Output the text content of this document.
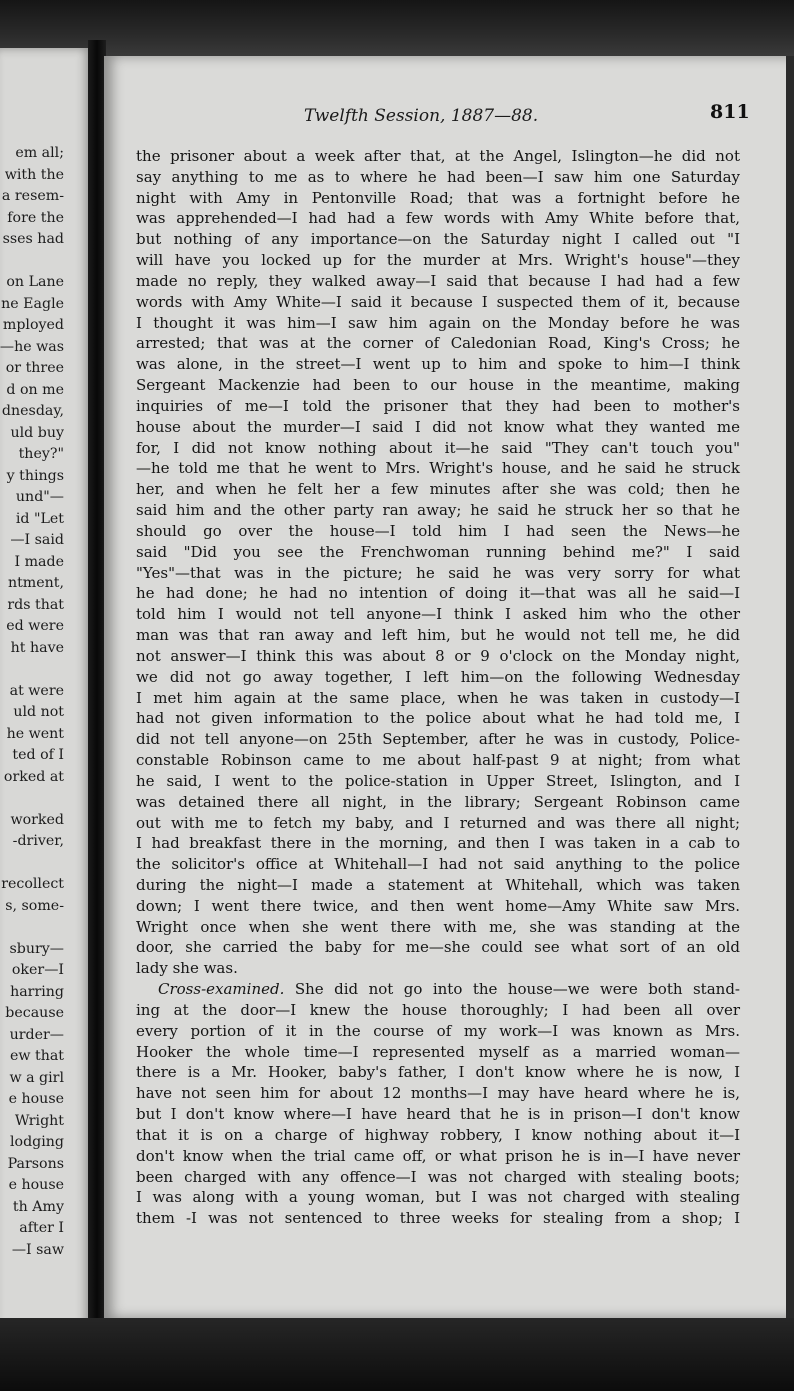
em all;
with the
a resem-
fore the
sses had
on Lane
ne Eagle
mployed
—he was
or three
d on me
dnesday,
uld buy
they?"
y things
und"—
id "Let
—I said
I made
ntment,
rds that
ed were
ht have
at were
uld not
he went
ted of I
orked at
worked
-driver,
recollect
s, some-
sbury—
oker—I
harring
because
urder—
ew that
w a girl
e house
Wright
lodging
Parsons
e house
th Amy
after I
—I saw
Twelfth Session, 1887—88.	811
the prisoner about a week after that, at the Angel, Islington—he did not
say anything to me as to where he had been—I saw him one Saturday
night with Amy in Pentonville Road; that was a fortnight before he
was apprehended—I had had a few words with Amy White before that,
but nothing of any importance—on the Saturday night I called out "I
will have you locked up for the murder at Mrs. Wright's house"—they
made no reply, they walked away—I said that because I had had a few
words with Amy White—I said it because I suspected them of it, because
I thought it was him—I saw him again on the Monday before he was
arrested; that was at the corner of Caledonian Road, King's Cross; he
was alone, in the street—I went up to him and spoke to him—I think
Sergeant Mackenzie had been to our house in the meantime, making
inquiries of me—I told the prisoner that they had been to mother's
house about the murder—I said I did not know what they wanted me
for, I did not know nothing about it—he said "They can't touch you"
—he told me that he went to Mrs. Wright's house, and he said he struck
her, and when he felt her a few minutes after she was cold; then he
said him and the other party ran away; he said he struck her so that he
should go over the house—I told him I had seen the News—he
said "Did you see the Frenchwoman running behind me?" I said
"Yes"—that was in the picture; he said he was very sorry for what
he had done; he had no intention of doing it—that was all he said—I
told him I would not tell anyone—I think I asked him who the other
man was that ran away and left him, but he would not tell me, he did
not answer—I think this was about 8 or 9 o'clock on the Monday night,
we did not go away together, I left him—on the following Wednesday
I met him again at the same place, when he was taken in custody—I
had not given information to the police about what he had told me, I
did not tell anyone—on 25th September, after he was in custody, Police-
constable Robinson came to me about half-past 9 at night; from what
he said, I went to the police-station in Upper Street, Islington, and I
was detained there all night, in the library; Sergeant Robinson came
out with me to fetch my baby, and I returned and was there all night;
I had breakfast there in the morning, and then I was taken in a cab to
the solicitor's office at Whitehall—I had not said anything to the police
during the night—I made a statement at Whitehall, which was taken
down; I went there twice, and then went home—Amy White saw Mrs.
Wright once when she went there with me, she was standing at the
door, she carried the baby for me—she could see what sort of an old
lady she was.
Cross-examined. She did not go into the house—we were both stand-
ing at the door—I knew the house thoroughly; I had been all over
every portion of it in the course of my work—I was known as Mrs.
Hooker the whole time—I represented myself as a married woman—
there is a Mr. Hooker, baby's father, I don't know where he is now, I
have not seen him for about 12 months—I may have heard where he is,
but I don't know where—I have heard that he is in prison—I don't know
that it is on a charge of highway robbery, I know nothing about it—I
don't know when the trial came off, or what prison he is in—I have never
been charged with any offence—I was not charged with stealing boots;
I was along with a young woman, but I was not charged with stealing
them -I was not sentenced to three weeks for stealing from a shop; I
